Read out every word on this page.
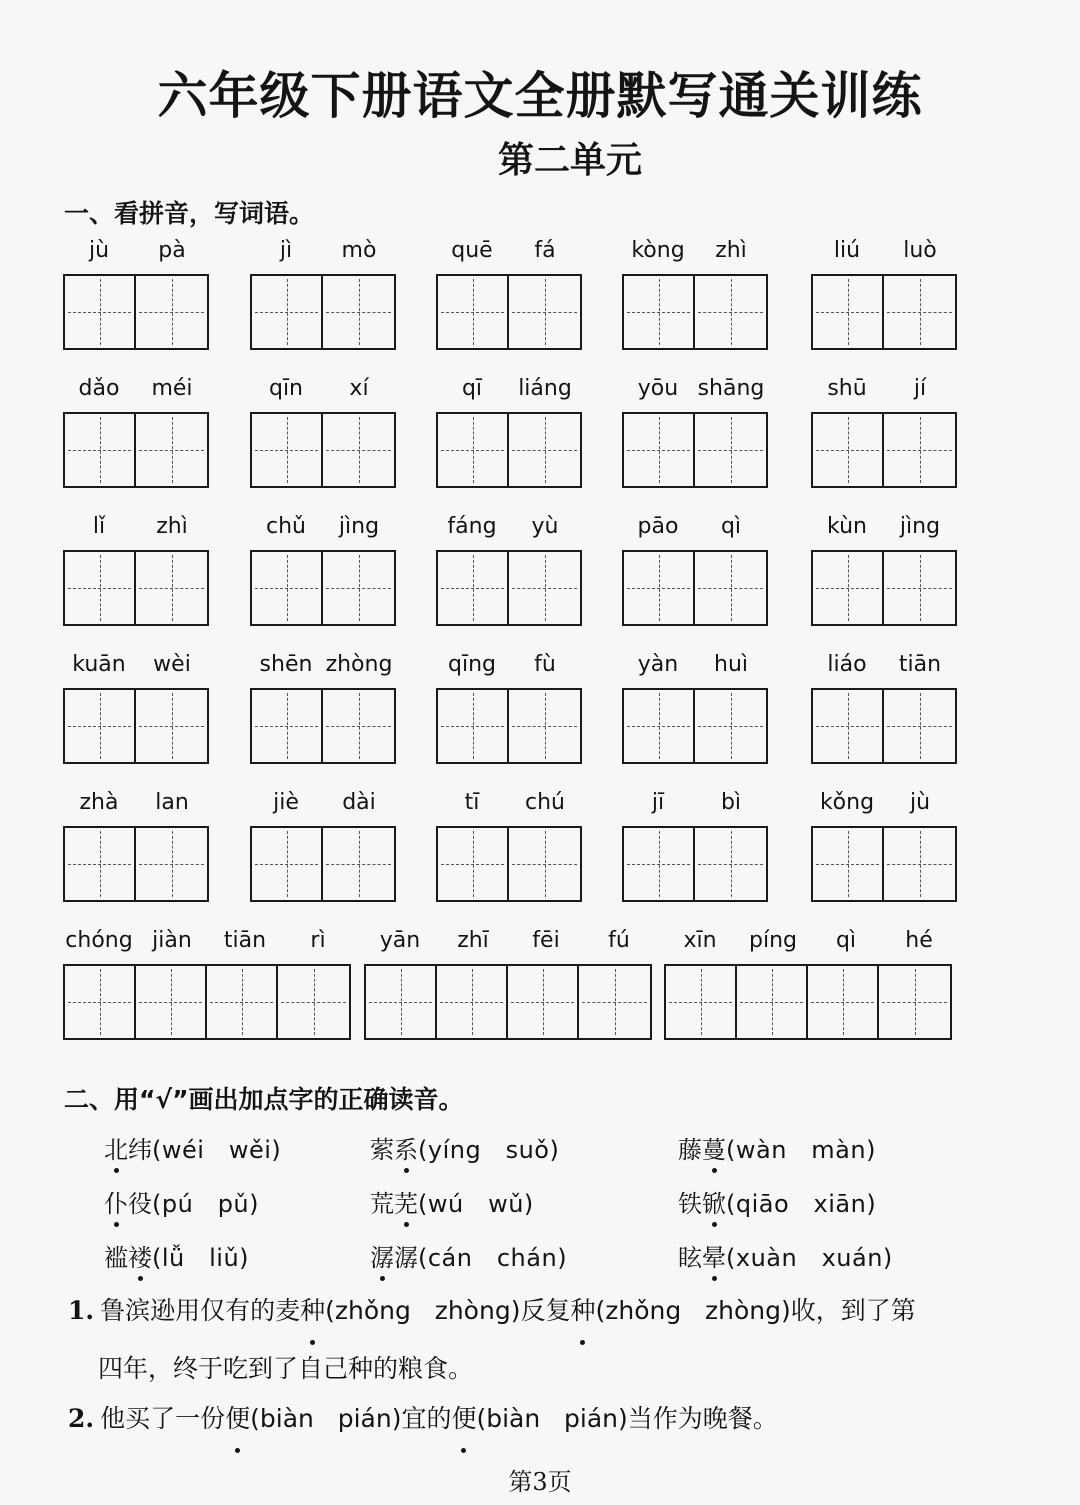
六年级下册语文全册默写通关训练
第二单元
一、看拼音，写词语。
jù	pà	jì	mò	quē	fá	kòng	zhì	liú	luò
dǎo	méi	qīn	xí	qī	liáng	yōu shāng	shū	jí
lǐ	zhì	chǔ	jìng	fáng	yù	pāo	qì	kùn	jìng
kuān	wèi	shēn zhòng	qīng	fù	yàn	huì	liáo	tiān
zhà	lan	jiè	dài	tī	chú	jī	bì	kǒng	jù
chóng jiàn	tiān	rì	yān	zhī	fēi	fú	xīn	píng	qì	hé
二、用“√”画出加点字的正确读音。
北纬(wéi   wěi)	萦系(yíng   suǒ)	藤蔓(wàn   màn)
仆役(pú   pǔ)	荒芜(wú   wǔ)	铁锨(qiāo   xiān)
褴褛(lǚ   liǔ)	潺潺(cán   chán)	眩晕(xuàn   xuán)
1. 鲁滨逊用仅有的麦种(zhǒng   zhòng)反复种(zhǒng   zhòng)收，到了第
四年，终于吃到了自己种的粮食。
2. 他买了一份便(biàn   pián)宜的便(biàn   pián)当作为晚餐。
第3页
